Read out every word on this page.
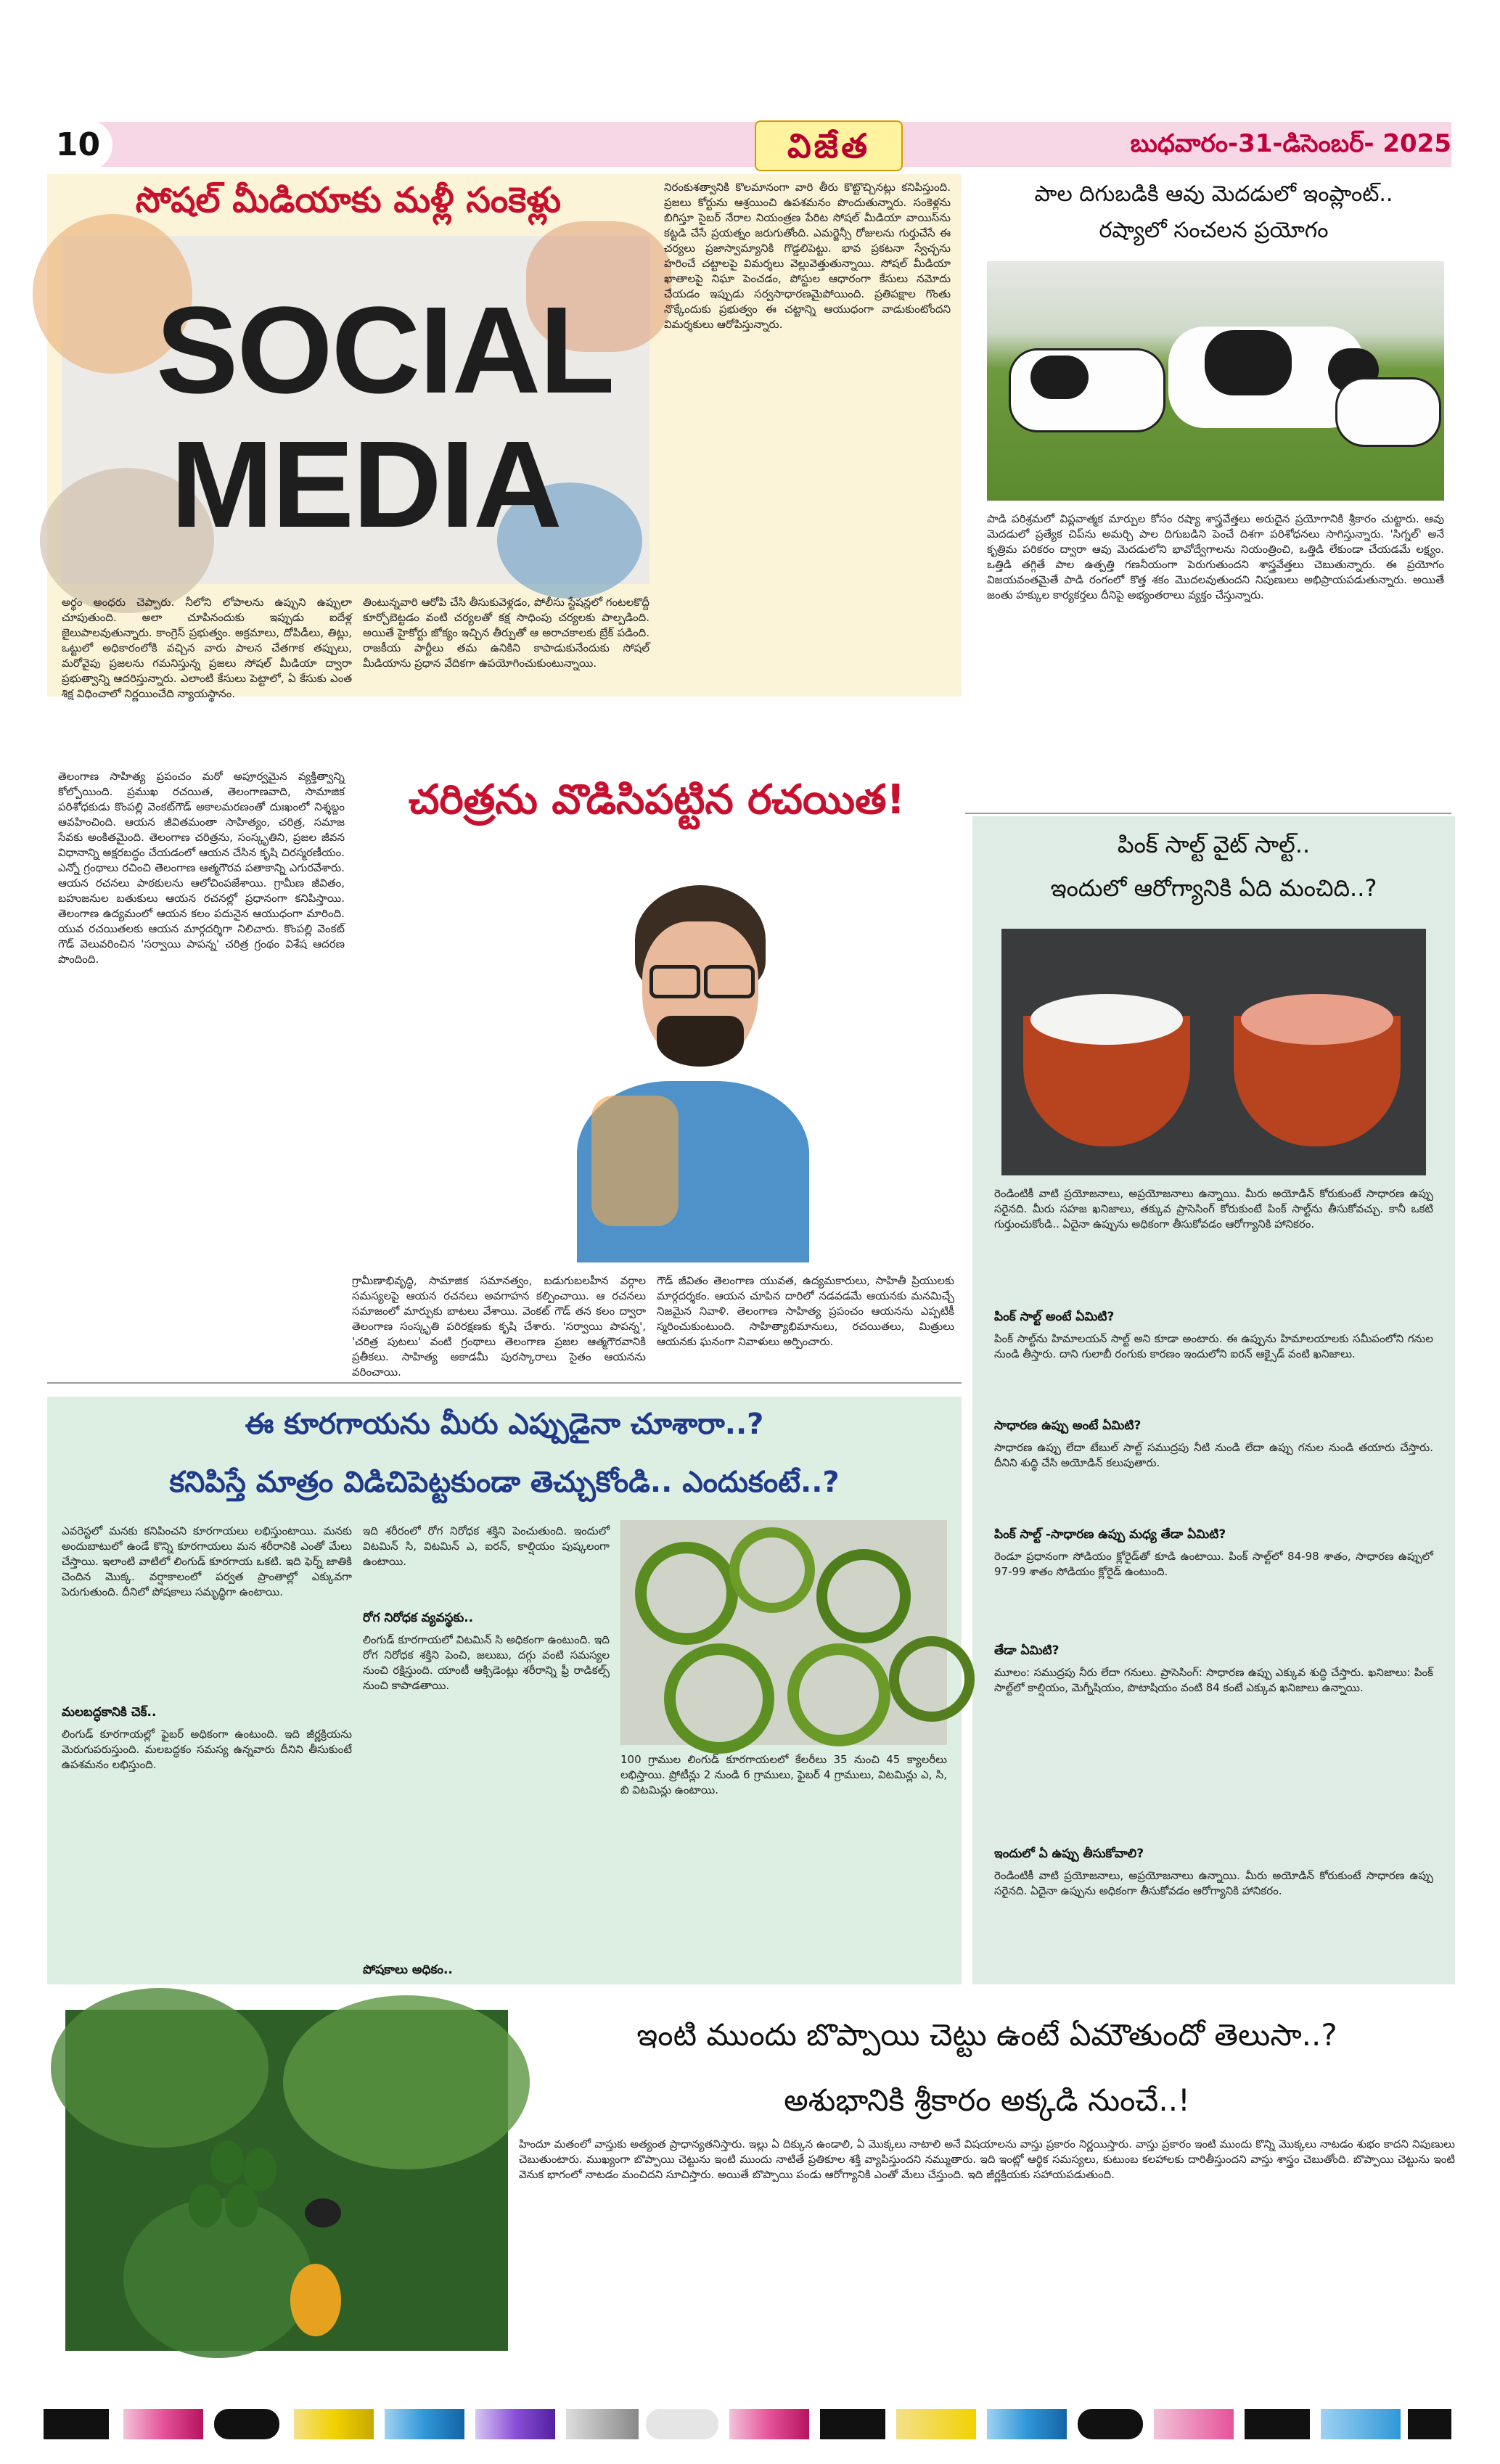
10	విజేత	బుధవారం-31-డిసెంబర్- 2025
సోషల్ మీడియాకు మళ్లీ సంకెళ్లు
SOCIAL
MEDIA
అర్థం అంధరు చెప్పారు. నీలోని లోపాలను ఉప్పుని ఉప్పులా చూపుతుంది. అలా చూపినందుకు ఇప్పుడు ఐదేళ్ల జైలుపాలవుతున్నారు. కాంగ్రెస్ ప్రభుత్వం. అక్రమాలు, దోపిడీలు, తిట్లు, ఒట్టులో అధికారంలోకి వచ్చిన వారు పాలన చేతగాక తప్పులు, మరోవైపు ప్రజలను గమనిస్తున్న ప్రజలు సోషల్ మీడియా ద్వారా ప్రభుత్వాన్ని ఆదరిస్తున్నారు. ఎలాంటి కేసులు పెట్టాలో, ఏ కేసుకు ఎంత శిక్ష విధించాలో నిర్ణయించేది న్యాయస్థానం.
తింటున్నవారి ఆరోపి చేసి తీసుకువెళ్లడం, పోలీసు స్టేషన్లలో గంటలకొద్దీ కూర్చోబెట్టడం వంటి చర్యలతో కక్ష సాధింపు చర్యలకు పాల్పడింది. అయితే హైకోర్టు జోక్యం ఇచ్చిన తీర్పుతో ఆ అరాచకాలకు బ్రేక్ పడింది. రాజకీయ పార్టీలు తమ ఉనికిని కాపాడుకునేందుకు సోషల్ మీడియాను ప్రధాన వేదికగా ఉపయోగించుకుంటున్నాయి.
నిరంకుశత్వానికి కొలమానంగా వారి తీరు కొట్టొచ్చినట్లు కనిపిస్తుంది. ప్రజలు కోర్టును ఆశ్రయించి ఉపశమనం పొందుతున్నారు. సంకెళ్లను బిగిస్తూ సైబర్ నేరాల నియంత్రణ పేరిట సోషల్ మీడియా వాయిస్‌ను కట్టడి చేసే ప్రయత్నం జరుగుతోంది. ఎమర్జెన్సీ రోజులను గుర్తుచేసే ఈ చర్యలు ప్రజాస్వామ్యానికి గొడ్డలిపెట్టు. భావ ప్రకటనా స్వేచ్ఛను హరించే చట్టాలపై విమర్శలు వెల్లువెత్తుతున్నాయి. సోషల్ మీడియా ఖాతాలపై నిఘా పెంచడం, పోస్టుల ఆధారంగా కేసులు నమోదు చేయడం ఇప్పుడు సర్వసాధారణమైపోయింది. ప్రతిపక్షాల గొంతు నొక్కేందుకు ప్రభుత్వం ఈ చట్టాన్ని ఆయుధంగా వాడుకుంటోందని విమర్శకులు ఆరోపిస్తున్నారు.
పాల దిగుబడికి ఆవు మెదడులో ఇంప్లాంట్..
రష్యాలో సంచలన ప్రయోగం
పాడి పరిశ్రమలో విప్లవాత్మక మార్పుల కోసం రష్యా శాస్త్రవేత్తలు అరుదైన ప్రయోగానికి శ్రీకారం చుట్టారు. ఆవు మెదడులో ప్రత్యేక చిప్‌ను అమర్చి పాల దిగుబడిని పెంచే దిశగా పరిశోధనలు సాగిస్తున్నారు. 'సిగ్నల్' అనే కృత్రిమ పరికరం ద్వారా ఆవు మెదడులోని భావోద్వేగాలను నియంత్రించి, ఒత్తిడి లేకుండా చేయడమే లక్ష్యం. ఒత్తిడి తగ్గితే పాల ఉత్పత్తి గణనీయంగా పెరుగుతుందని శాస్త్రవేత్తలు చెబుతున్నారు. ఈ ప్రయోగం విజయవంతమైతే పాడి రంగంలో కొత్త శకం మొదలవుతుందని నిపుణులు అభిప్రాయపడుతున్నారు. అయితే జంతు హక్కుల కార్యకర్తలు దీనిపై అభ్యంతరాలు వ్యక్తం చేస్తున్నారు.
చరిత్రను వొడిసిపట్టిన రచయిత!
తెలంగాణ సాహిత్య ప్రపంచం మరో అపూర్వమైన వ్యక్తిత్వాన్ని కోల్పోయింది. ప్రముఖ రచయిత, తెలంగాణవాది, సామాజిక పరిశోధకుడు కొంపల్లి వెంకట్‌గౌడ్ అకాలమరణంతో దుఃఖంలో నిశ్శబ్దం ఆవహించింది. ఆయన జీవితమంతా సాహిత్యం, చరిత్ర, సమాజ సేవకు అంకితమైంది. తెలంగాణ చరిత్రను, సంస్కృతిని, ప్రజల జీవన విధానాన్ని అక్షరబద్ధం చేయడంలో ఆయన చేసిన కృషి చిరస్మరణీయం. ఎన్నో గ్రంథాలు రచించి తెలంగాణ ఆత్మగౌరవ పతాకాన్ని ఎగురవేశారు. ఆయన రచనలు పాఠకులను ఆలోచింపజేశాయి. గ్రామీణ జీవితం, బహుజనుల బతుకులు ఆయన రచనల్లో ప్రధానంగా కనిపిస్తాయి. తెలంగాణ ఉద్యమంలో ఆయన కలం పదునైన ఆయుధంగా మారింది. యువ రచయితలకు ఆయన మార్గదర్శిగా నిలిచారు. కొంపల్లి వెంకట్ గౌడ్ వెలువరించిన 'సర్వాయి పాపన్న' చరిత్ర గ్రంథం విశేష ఆదరణ పొందింది.
గ్రామీణాభివృద్ధి, సామాజిక సమానత్వం, బడుగుబలహీన వర్గాల సమస్యలపై ఆయన రచనలు అవగాహన కల్పించాయి. ఆ రచనలు సమాజంలో మార్పుకు బాటలు వేశాయి. వెంకట్ గౌడ్ తన కలం ద్వారా తెలంగాణ సంస్కృతి పరిరక్షణకు కృషి చేశారు. 'సర్వాయి పాపన్న', 'చరిత్ర పుటలు' వంటి గ్రంథాలు తెలంగాణ ప్రజల ఆత్మగౌరవానికి ప్రతీకలు. సాహిత్య అకాడమీ పురస్కారాలు సైతం ఆయనను వరించాయి.
గౌడ్ జీవితం తెలంగాణ యువత, ఉద్యమకారులు, సాహితీ ప్రియులకు మార్గదర్శకం. ఆయన చూపిన దారిలో నడవడమే ఆయనకు మనమిచ్చే నిజమైన నివాళి. తెలంగాణ సాహిత్య ప్రపంచం ఆయనను ఎప్పటికీ స్మరించుకుంటుంది. సాహిత్యాభిమానులు, రచయితలు, మిత్రులు ఆయనకు ఘనంగా నివాళులు అర్పించారు.
పింక్ సాల్ట్ వైట్ సాల్ట్..
ఇందులో ఆరోగ్యానికి ఏది మంచిది..?
రెండింటికీ వాటి ప్రయోజనాలు, అప్రయోజనాలు ఉన్నాయి. మీరు అయోడిన్ కోరుకుంటే సాధారణ ఉప్పు సరైనది. మీరు సహజ ఖనిజాలు, తక్కువ ప్రాసెసింగ్ కోరుకుంటే పింక్ సాల్ట్‌ను తీసుకోవచ్చు. కానీ ఒకటి గుర్తుంచుకోండి.. ఏదైనా ఉప్పును అధికంగా తీసుకోవడం ఆరోగ్యానికి హానికరం.
పింక్ సాల్ట్ అంటే ఏమిటి?
పింక్ సాల్ట్‌ను హిమాలయన్ సాల్ట్ అని కూడా అంటారు. ఈ ఉప్పును హిమాలయాలకు సమీపంలోని గనుల నుండి తీస్తారు. దాని గులాబీ రంగుకు కారణం ఇందులోని ఐరన్ ఆక్సైడ్ వంటి ఖనిజాలు.
సాధారణ ఉప్పు అంటే ఏమిటి?
సాధారణ ఉప్పు లేదా టేబుల్ సాల్ట్ సముద్రపు నీటి నుండి లేదా ఉప్పు గనుల నుండి తయారు చేస్తారు. దీనిని శుద్ధి చేసి అయోడిన్ కలుపుతారు.
పింక్ సాల్ట్ -సాధారణ ఉప్పు మధ్య తేడా ఏమిటి?
రెండూ ప్రధానంగా సోడియం క్లోరైడ్‌తో కూడి ఉంటాయి. పింక్ సాల్ట్‌లో 84-98 శాతం, సాధారణ ఉప్పులో 97-99 శాతం సోడియం క్లోరైడ్ ఉంటుంది.
తేడా ఏమిటి?
మూలం: సముద్రపు నీరు లేదా గనులు. ప్రాసెసింగ్: సాధారణ ఉప్పు ఎక్కువ శుద్ధి చేస్తారు. ఖనిజాలు: పింక్ సాల్ట్‌లో కాల్షియం, మెగ్నీషియం, పొటాషియం వంటి 84 కంటే ఎక్కువ ఖనిజాలు ఉన్నాయి.
ఇందులో ఏ ఉప్పు తీసుకోవాలి?
రెండింటికీ వాటి ప్రయోజనాలు, అప్రయోజనాలు ఉన్నాయి. మీరు అయోడిన్ కోరుకుంటే సాధారణ ఉప్పు సరైనది. ఏదైనా ఉప్పును అధికంగా తీసుకోవడం ఆరోగ్యానికి హానికరం.
ఈ కూరగాయను మీరు ఎప్పుడైనా చూశారా..?
కనిపిస్తే మాత్రం విడిచిపెట్టకుండా తెచ్చుకోండి.. ఎందుకంటే..?
ఎవరెస్టలో మనకు కనిపించని కూరగాయలు లభిస్తుంటాయి. మనకు అందుబాటులో ఉండే కొన్ని కూరగాయలు మన శరీరానికి ఎంతో మేలు చేస్తాయి. ఇలాంటి వాటిలో లింగుడ్ కూరగాయ ఒకటి. ఇది ఫెర్న్ జాతికి చెందిన మొక్క. వర్షాకాలంలో పర్వత ప్రాంతాల్లో ఎక్కువగా పెరుగుతుంది. దీనిలో పోషకాలు సమృద్ధిగా ఉంటాయి.
మలబద్ధకానికి చెక్..
లింగుడ్ కూరగాయల్లో ఫైబర్ అధికంగా ఉంటుంది. ఇది జీర్ణక్రియను మెరుగుపరుస్తుంది. మలబద్ధకం సమస్య ఉన్నవారు దీనిని తీసుకుంటే ఉపశమనం లభిస్తుంది.
ఇది శరీరంలో రోగ నిరోధక శక్తిని పెంచుతుంది. ఇందులో విటమిన్ సి, విటమిన్ ఎ, ఐరన్, కాల్షియం పుష్కలంగా ఉంటాయి.
రోగ నిరోధక వ్యవస్థకు..
లింగుడ్ కూరగాయలో విటమిన్ సి అధికంగా ఉంటుంది. ఇది రోగ నిరోధక శక్తిని పెంచి, జలుబు, దగ్గు వంటి సమస్యల నుంచి రక్షిస్తుంది. యాంటీ ఆక్సిడెంట్లు శరీరాన్ని ఫ్రీ రాడికల్స్ నుంచి కాపాడతాయి.
100 గ్రాముల లింగుడ్ కూరగాయలలో కేలరీలు 35 నుంచి 45 క్యాలరీలు లభిస్తాయి. ప్రోటీన్లు 2 నుండి 6 గ్రాములు, ఫైబర్ 4 గ్రాములు, విటమిన్లు ఎ, సి, బి విటమిన్లు ఉంటాయి.
పోషకాలు అధికం..
ఇంటి ముందు బొప్పాయి చెట్టు ఉంటే ఏమౌతుందో తెలుసా..?
అశుభానికి శ్రీకారం అక్కడి నుంచే..!
హిందూ మతంలో వాస్తుకు అత్యంత ప్రాధాన్యతనిస్తారు. ఇల్లు ఏ దిక్కున ఉండాలి, ఏ మొక్కలు నాటాలి అనే విషయాలను వాస్తు ప్రకారం నిర్ణయిస్తారు. వాస్తు ప్రకారం ఇంటి ముందు కొన్ని మొక్కలు నాటడం శుభం కాదని నిపుణులు చెబుతుంటారు. ముఖ్యంగా బొప్పాయి చెట్టును ఇంటి ముందు నాటితే ప్రతికూల శక్తి వ్యాపిస్తుందని నమ్ముతారు. ఇది ఇంట్లో ఆర్థిక సమస్యలు, కుటుంబ కలహాలకు దారితీస్తుందని వాస్తు శాస్త్రం చెబుతోంది. బొప్పాయి చెట్టును ఇంటి వెనుక భాగంలో నాటడం మంచిదని సూచిస్తారు. అయితే బొప్పాయి పండు ఆరోగ్యానికి ఎంతో మేలు చేస్తుంది. ఇది జీర్ణక్రియకు సహాయపడుతుంది.
